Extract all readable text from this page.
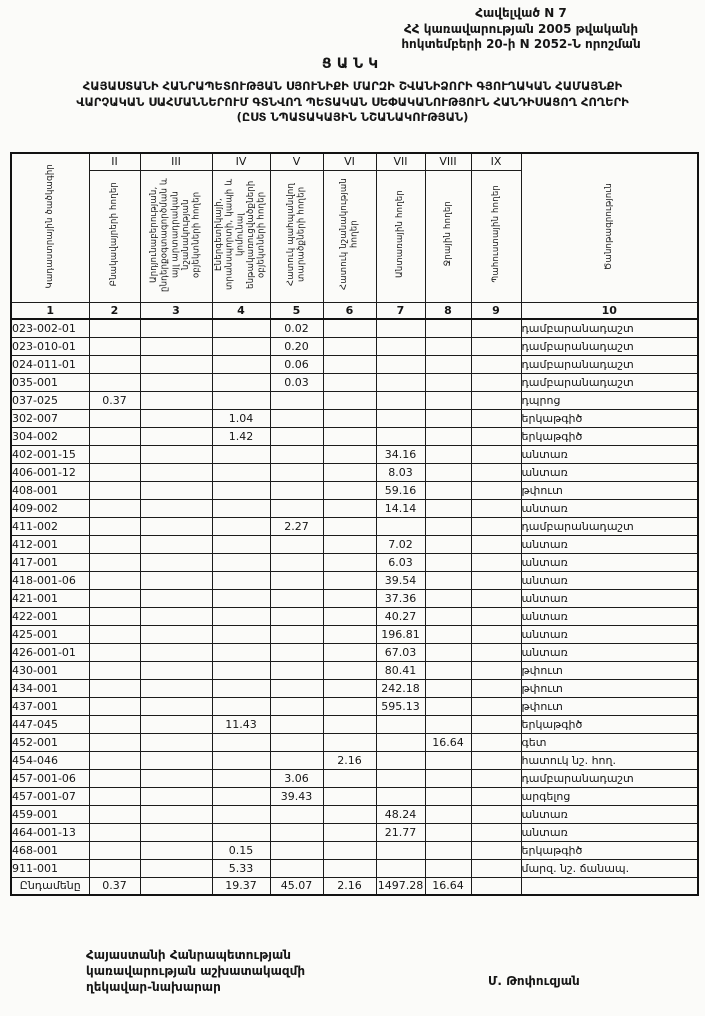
Հավելված N 7
ՀՀ կառավարության 2005 թվականի
հոկտեմբերի 20-ի N 2052-Ն որոշման
ՑԱՆԿ
ՀԱՅԱՍՏԱՆԻ ՀԱՆՐԱՊԵՏՈՒԹՅԱՆ ՍՅՈՒՆԻՔԻ ՄԱՐԶԻ ՇՎԱՆԻՁՈՐԻ ԳՅՈՒՂԱԿԱՆ ՀԱՄԱՅՆՔԻ
ՎԱՐՉԱԿԱՆ ՍԱՀՄԱՆՆԵՐՈՒՄ ԳՏՆՎՈՂ ՊԵՏԱԿԱՆ ՍԵՓԱԿԱՆՈՒԹՅՈՒՆ ՀԱՆԴԻՍԱՑՈՂ ՀՈՂԵՐԻ
(ԸՍՏ ՆՊԱՏԱԿԱՅԻՆ ՆՇԱՆԱԿՈՒԹՅԱՆ)
Կադաստրային ծածկագիր	II	III	IV	V	VI	VII	VIII	IX	Ծանոթագրություն
	Բնակավայրերի հողեր	Արդյունաբերության, ընդերքօգտագործման և այլ արտադրական նշանակության օբյեկտների հողեր	Էներգետիկայի, տրանսպորտի, կապի և կոմունալ ենթակառուցվածքների օբյեկտների հողեր	Հատուկ պահպանվող տարածքների հողեր	Հատուկ նշանակության հողեր	Անտառային հողեր	Ջրային հողեր	Պահուստային հողեր	
1	2	3	4	5	6	7	8	9	10
023-002-01				0.02					դամբարանադաշտ
023-010-01				0.20					դամբարանադաշտ
024-011-01				0.06					դամբարանադաշտ
035-001				0.03					դամբարանադաշտ
037-025	0.37								դպրոց
302-007			1.04						երկաթգիծ
304-002			1.42						երկաթգիծ
402-001-15						34.16			անտառ
406-001-12						8.03			անտառ
408-001						59.16			թփուտ
409-002						14.14			անտառ
411-002				2.27					դամբարանադաշտ
412-001						7.02			անտառ
417-001						6.03			անտառ
418-001-06						39.54			անտառ
421-001						37.36			անտառ
422-001						40.27			անտառ
425-001						196.81			անտառ
426-001-01						67.03			անտառ
430-001						80.41			թփուտ
434-001						242.18			թփուտ
437-001						595.13			թփուտ
447-045			11.43						երկաթգիծ
452-001							16.64		գետ
454-046					2.16				հատուկ նշ. հող.
457-001-06				3.06					դամբարանադաշտ
457-001-07				39.43					արգելոց
459-001						48.24			անտառ
464-001-13						21.77			անտառ
468-001			0.15						երկաթգիծ
911-001			5.33						մարզ. նշ. ճանապ.
Ընդամենը	0.37		19.37	45.07	2.16	1497.28	16.64		
Հայաստանի Հանրապետության
կառավարության աշխատակազմի
ղեկավար-նախարար	Մ. Թոփուզյան
